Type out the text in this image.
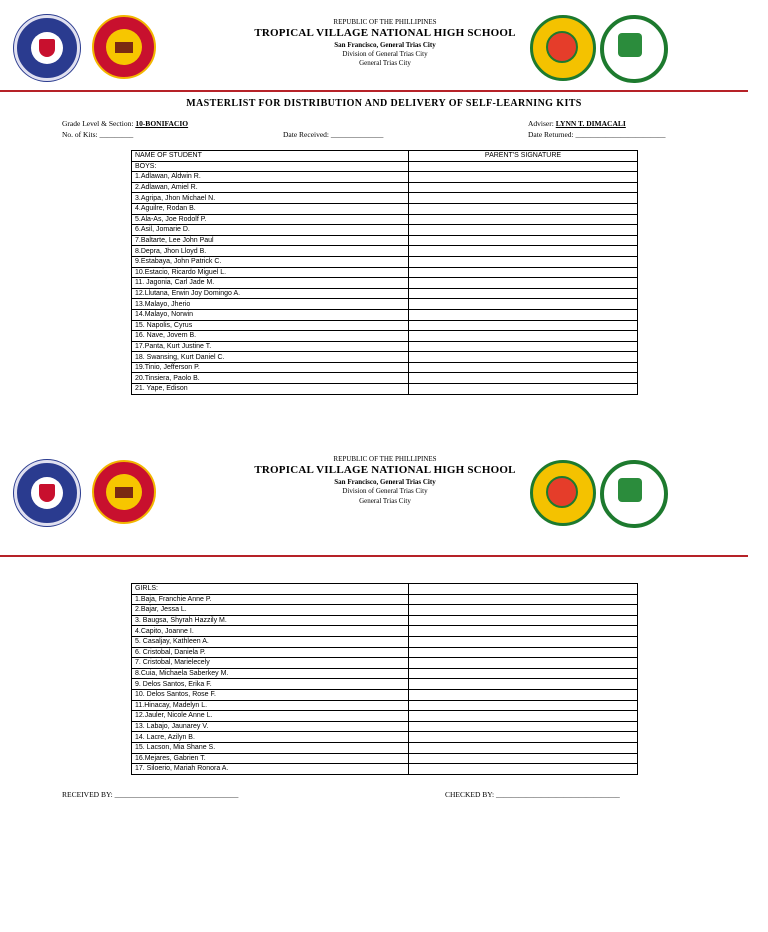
REPUBLIC OF THE PHILLIPINES
TROPICAL VILLAGE NATIONAL HIGH SCHOOL
San Francisco, General Trias City
Division of General Trias City
General Trias City
MASTERLIST FOR DISTRIBUTION AND DELIVERY OF SELF-LEARNING KITS
Grade Level & Section: 10-BONIFACIO	Adviser: LYNN T. DIMACALI
No. of Kits: _________	Date Received: ______________	Date Returned: ________________________
NAME OF STUDENT	PARENT'S SIGNATURE
BOYS:	
1.Adlawan, Aldwin R.	
2.Adlawan, Amiel R.	
3.Agripa, Jhon Michael N.	
4.Aguilre, Rodan B.	
5.Ala-As, Joe Rodolf P.	
6.Asil, Jomarie D.	
7.Baltarte, Lee John Paul	
8.Depra, Jhon Lloyd B.	
9.Estabaya, John Patrick C.	
10.Estacio, Ricardo Miguel L.	
11. Jagonia, Carl Jade M.	
12.Llutana, Erwin Joy Domingo A.	
13.Malayo, Jherio	
14.Malayo, Norwin	
15. Napolis, Cyrus	
16. Nave, Jovem B.	
17.Panta, Kurt Justine T.	
18. Swansing, Kurt Daniel C.	
19.Tinio, Jefferson P.	
20.Tinsiera, Paolo B.	
21. Yape, Edison	
REPUBLIC OF THE PHILLIPINES
TROPICAL VILLAGE NATIONAL HIGH SCHOOL
San Francisco, General Trias City
Division of General Trias City
General Trias City
GIRLS:	
1.Baja, Franchie Anne P.	
2.Bajar, Jessa L.	
3. Baugsa, Shyrah Hazzily M.	
4.Capito, Joanne I.	
5. Casaljay, Kathleen A.	
6. Cristobal, Daniela P.	
7. Cristobal, Marielecely	
8.Cuia, Michaela Saberkey M.	
9. Delos Santos, Erika F.	
10. Delos Santos, Rose F.	
11.Hinacay, Madelyn L.	
12.Jauler, Nicole Anne L.	
13. Labajo, Jaunarey V.	
14. Lacre, Azilyn B.	
15. Lacson, Mia Shane S.	
16.Mejares, Gabrien T.	
17. Siloerio, Mariah Ronora A.	
RECEIVED BY: _________________________________	CHECKED BY: _________________________________
